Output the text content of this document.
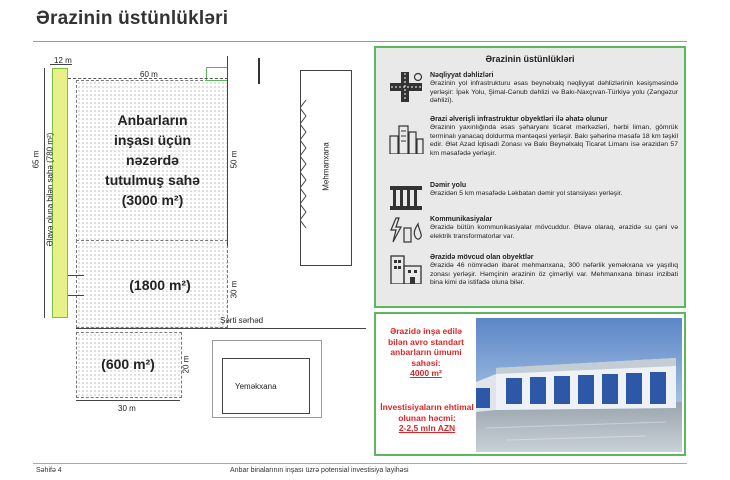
Ərazinin üstünlükləri
Əlavə oluna bilən sahə (780 m²)
Anbarların
inşası üçün
nəzərdə
tutulmuş sahə
(3000 m²)
(1800 m²)
(600 m²)
Şərti sərhəd
Mehmanxana
Yeməkxana
12 m
60 m
65 m	50 m
30 m
20 m
30 m
Ərazinin üstünlükləri
Nəqliyyat dəhlizləri
Ərazinin yol infrastrukturu əsas beynəlxalq nəqliyyat dəhlizlərinin kəsişməsində yerləşir: İpək Yolu, Şimal-Cənub dəhlizi və Bakı-Naxçıvan-Türkiyə yolu (Zəngəzur dəhlizi).
Ərazi əlverişli infrastruktur obyektləri ilə əhatə olunur
Ərazinin yaxınlığında əsas şəharyanı ticarət mərkəzləri, hərbi liman, gömrük terminalı yanacaq doldurma məntəqəsi yerləşir. Bakı şəhərinə məsafə 18 km təşkil edir. Ələt Azad İqtisadi Zonası və Bakı Beynəlxalq Ticarət Limanı isə ərazidən 57 km məsafədə yerləşir.
Dəmir yolu
Ərazidən 5 km məsafədə Ləkbatan dəmir yol stansiyası yerləşir.
Kommunikasiyalar
Ərazidə bütün kommunikasiyalar mövcuddur. Əlavə olaraq, ərazidə su çəni və elektrik transformatorlar var.
Ərazidə mövcud olan obyektlər
Ərazidə 46 nömrədən ibarət mehmanxana, 300 nəfərlik yeməkxana və yaşıllıq zonası yerləşir. Həmçinin ərazinin öz çimərliyi var. Mehmanxana binası inzibati bina kimi də istifadə oluna bilər.
Ərazidə inşa edilə
bilən avro standart
anbarların ümumi
sahəsi:
4000 m²
İnvestisiyaların ehtimal
olunan həcmi:
2-2,5 mln AZN
Səhifə 4	Anbar binalarının inşası üzrə potensial investisiya layihəsi
